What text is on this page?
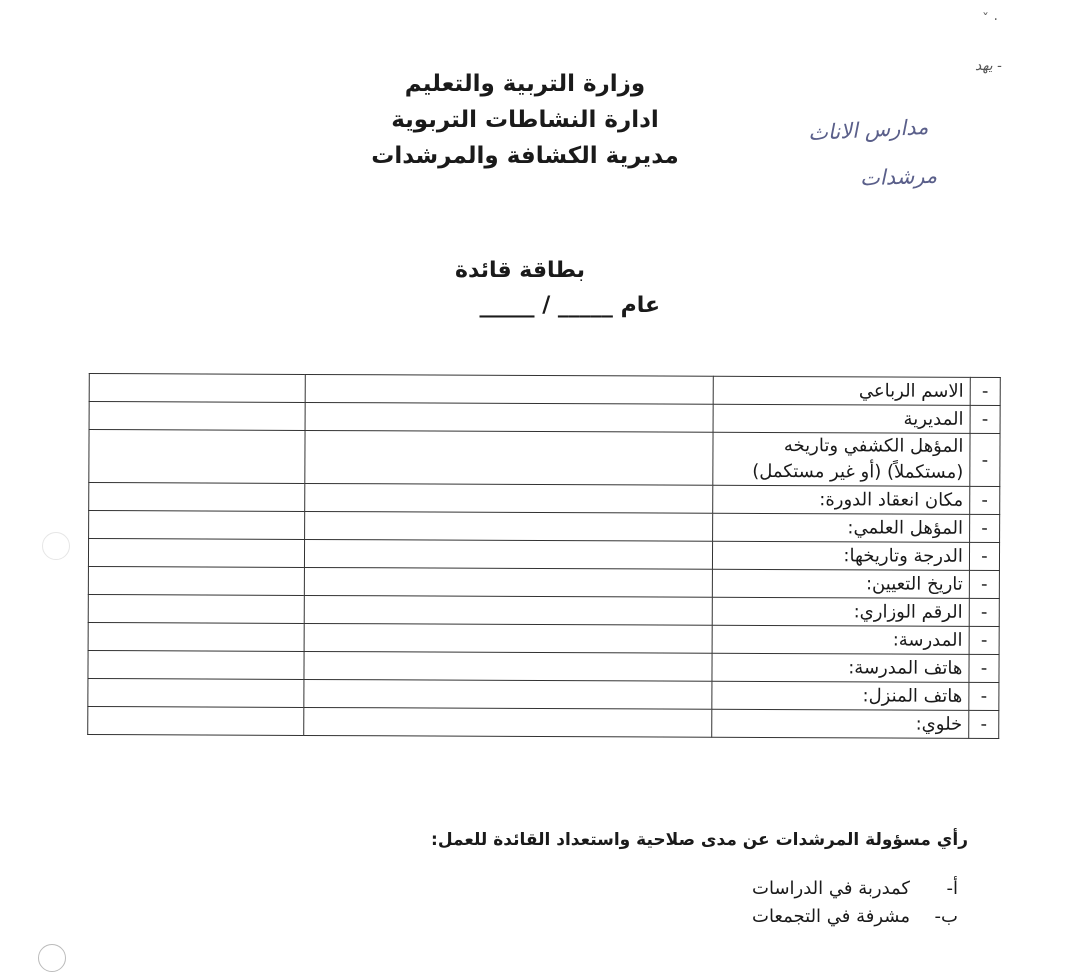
ˇ ·
وزارة التربية والتعليم
ادارة النشاطات التربوية
مديرية الكشافة والمرشدات
- يهد
مدارس الاناث
مرشدات
بطاقة قائدة
عام _____ / _____
-	الاسم الرباعي		

-	المديرية		

-	المؤهل الكشفي وتاريخه
(مستكملاً) (أو غير مستكمل)		

-	مكان انعقاد الدورة:		

-	المؤهل العلمي:		

-	الدرجة وتاريخها:		

-	تاريخ التعيين:		

-	الرقم الوزاري:		

-	المدرسة:		

-	هاتف المدرسة:		

-	هاتف المنزل:		

-	خلوي:		

رأي مسؤولة المرشدات عن مدى صلاحية واستعداد القائدة للعمل:
أ-كمدربة في الدراسات
ب-مشرفة في التجمعات
